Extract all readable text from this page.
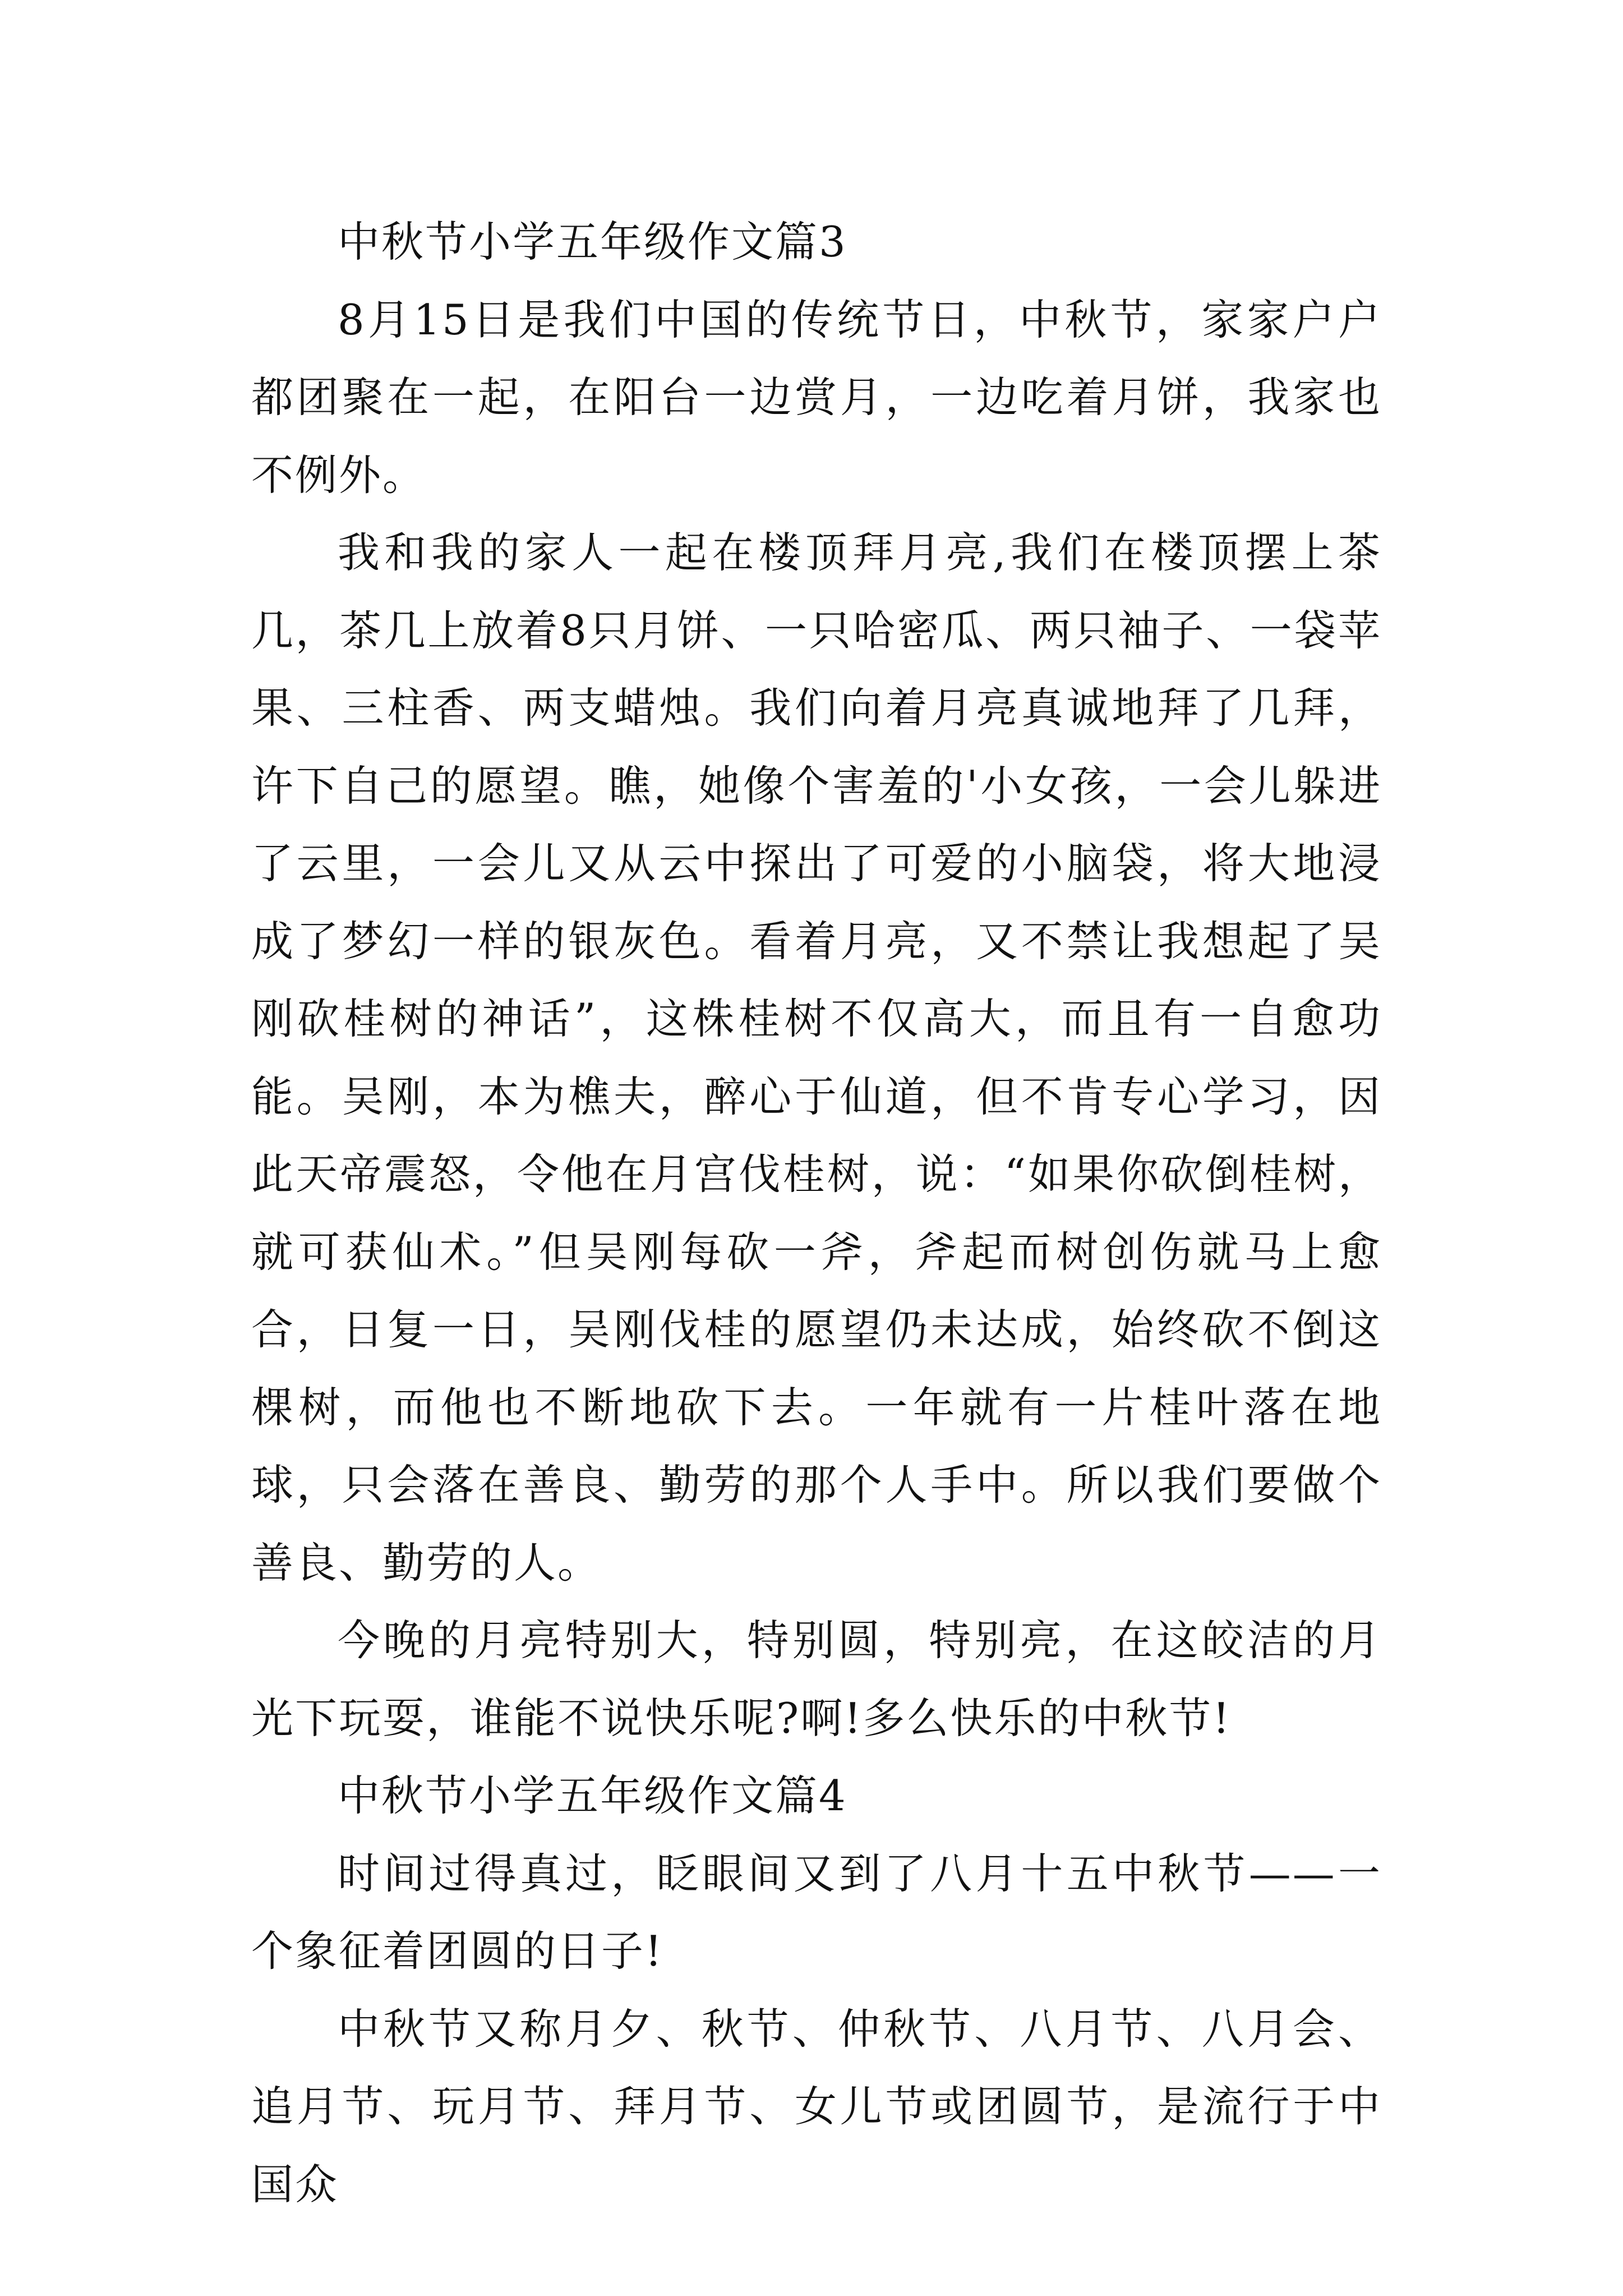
中秋节小学五年级作文篇3

8月15日是我们中国的传统节日，中秋节，家家户户都团聚在一起，在阳台一边赏月，一边吃着月饼，我家也不例外。

我和我的家人一起在楼顶拜月亮,我们在楼顶摆上茶几，茶几上放着8只月饼、一只哈密瓜、两只袖子、一袋苹果、三柱香、两支蜡烛。我们向着月亮真诚地拜了几拜，许下自己的愿望。瞧，她像个害羞的'小女孩，一会儿躲进了云里，一会儿又从云中探出了可爱的小脑袋，将大地浸成了梦幻一样的银灰色。看着月亮，又不禁让我想起了吴刚砍桂树的神话”，这株桂树不仅高大，而且有一自愈功能。吴刚，本为樵夫，醉心于仙道，但不肯专心学习，因此天帝震怒，令他在月宫伐桂树，说：“如果你砍倒桂树，就可获仙术。”但吴刚每砍一斧，斧起而树创伤就马上愈合，日复一日，吴刚伐桂的愿望仍未达成，始终砍不倒这棵树，而他也不断地砍下去。一年就有一片桂叶落在地球，只会落在善良、勤劳的那个人手中。所以我们要做个善良、勤劳的人。

今晚的月亮特别大，特别圆，特别亮，在这皎洁的月光下玩耍，谁能不说快乐呢?啊!多么快乐的中秋节!

中秋节小学五年级作文篇4

时间过得真过，眨眼间又到了八月十五中秋节——一个象征着团圆的日子!

中秋节又称月夕、秋节、仲秋节、八月节、八月会、追月节、玩月节、拜月节、女儿节或团圆节，是流行于中国众
